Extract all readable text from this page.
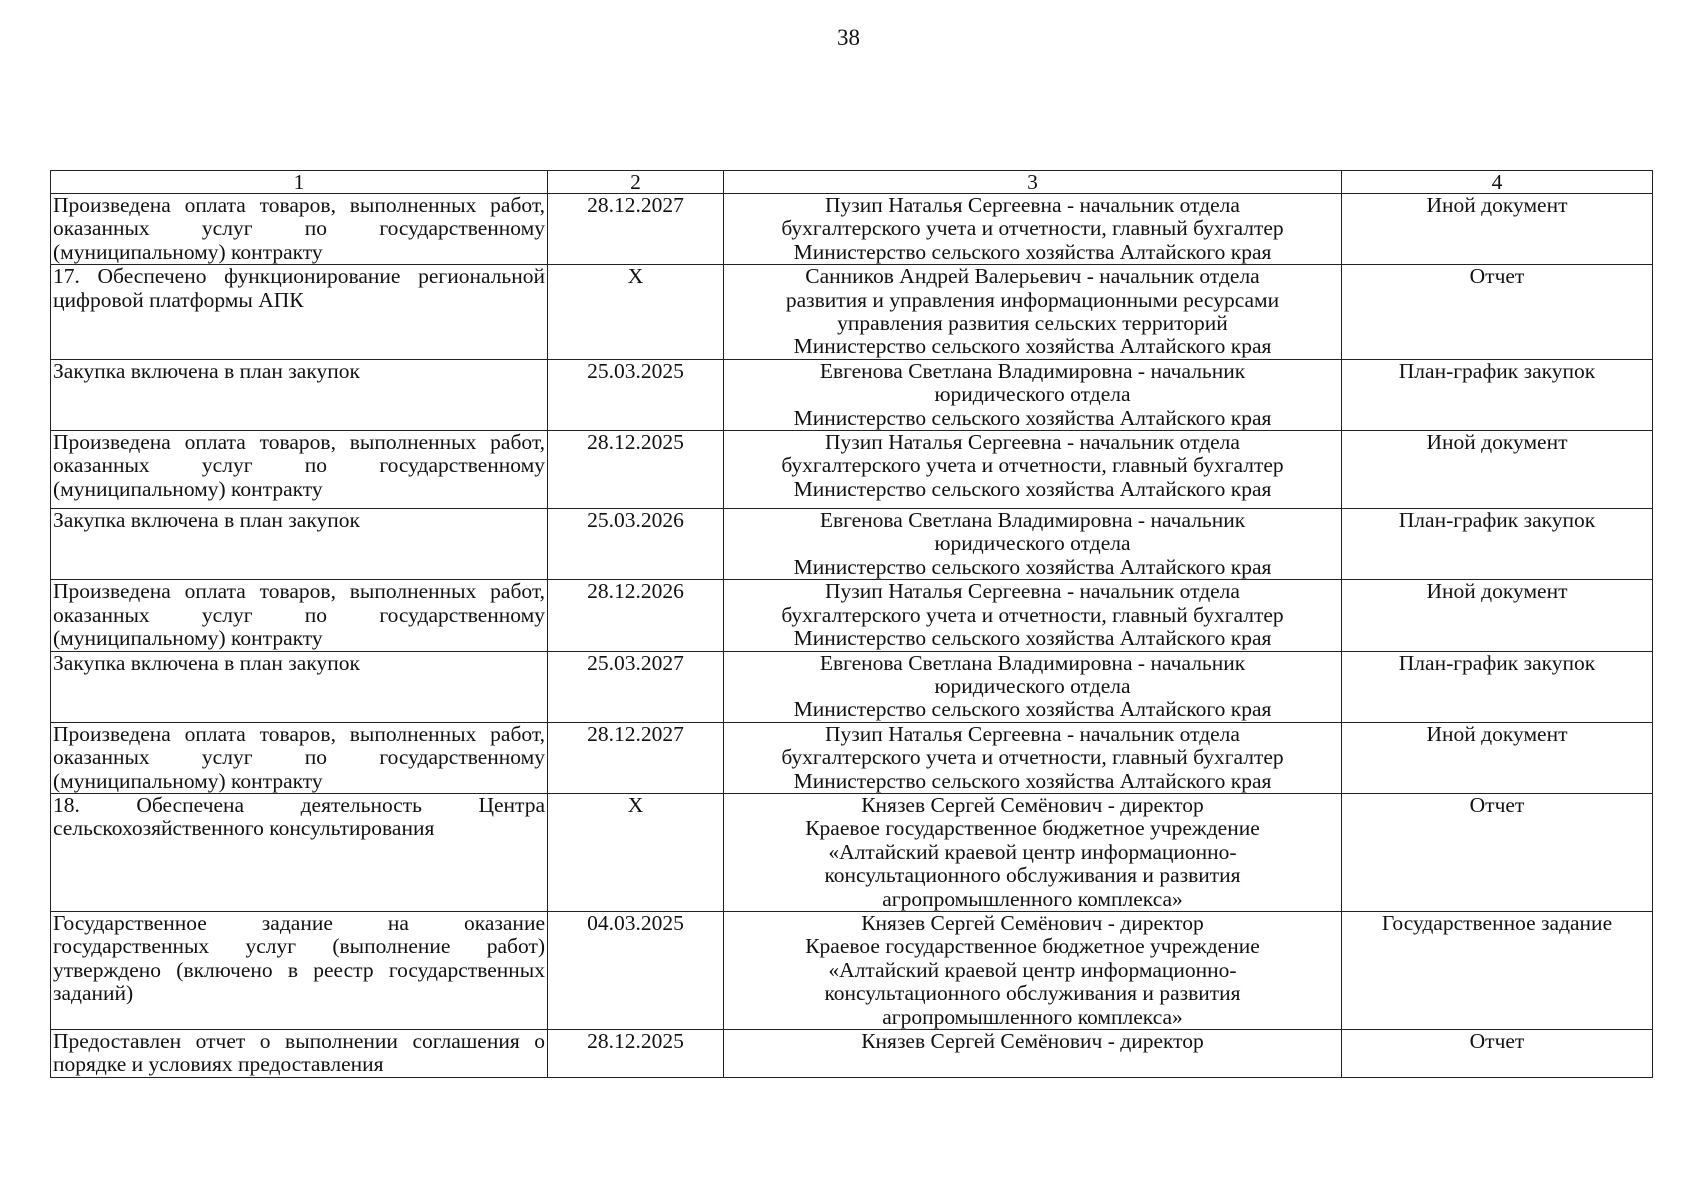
38
1	2	3	4
Произведена оплата товаров, выполненных работ, оказанных услуг по государственному (муниципальному) контракту	28.12.2027	Пузип Наталья Сергеевна - начальник отдела
бухгалтерского учета и отчетности, главный бухгалтер
Министерство сельского хозяйства Алтайского края	Иной документ
17. Обеспечено функционирование региональной цифровой платформы АПК	Х	Санников Андрей Валерьевич - начальник отдела
развития и управления информационными ресурсами
управления развития сельских территорий
Министерство сельского хозяйства Алтайского края	Отчет
Закупка включена в план закупок	25.03.2025	Евгенова Светлана Владимировна - начальник
юридического отдела
Министерство сельского хозяйства Алтайского края	План-график закупок
Произведена оплата товаров, выполненных работ, оказанных услуг по государственному (муниципальному) контракту	28.12.2025	Пузип Наталья Сергеевна - начальник отдела
бухгалтерского учета и отчетности, главный бухгалтер
Министерство сельского хозяйства Алтайского края	Иной документ
Закупка включена в план закупок	25.03.2026	Евгенова Светлана Владимировна - начальник
юридического отдела
Министерство сельского хозяйства Алтайского края	План-график закупок
Произведена оплата товаров, выполненных работ, оказанных услуг по государственному (муниципальному) контракту	28.12.2026	Пузип Наталья Сергеевна - начальник отдела
бухгалтерского учета и отчетности, главный бухгалтер
Министерство сельского хозяйства Алтайского края	Иной документ
Закупка включена в план закупок	25.03.2027	Евгенова Светлана Владимировна - начальник
юридического отдела
Министерство сельского хозяйства Алтайского края	План-график закупок
Произведена оплата товаров, выполненных работ, оказанных услуг по государственному (муниципальному) контракту	28.12.2027	Пузип Наталья Сергеевна - начальник отдела
бухгалтерского учета и отчетности, главный бухгалтер
Министерство сельского хозяйства Алтайского края	Иной документ
18. Обеспечена деятельность Центра сельскохозяйственного консультирования	Х	Князев Сергей Семёнович - директор
Краевое государственное бюджетное учреждение
«Алтайский краевой центр информационно-
консультационного обслуживания и развития
агропромышленного комплекса»	Отчет
Государственное задание на оказание государственных услуг (выполнение работ) утверждено (включено в реестр государственных заданий)	04.03.2025	Князев Сергей Семёнович - директор
Краевое государственное бюджетное учреждение
«Алтайский краевой центр информационно-
консультационного обслуживания и развития
агропромышленного комплекса»	Государственное задание
Предоставлен отчет о выполнении соглашения о порядке и условиях предоставления	28.12.2025	Князев Сергей Семёнович - директор	Отчет
